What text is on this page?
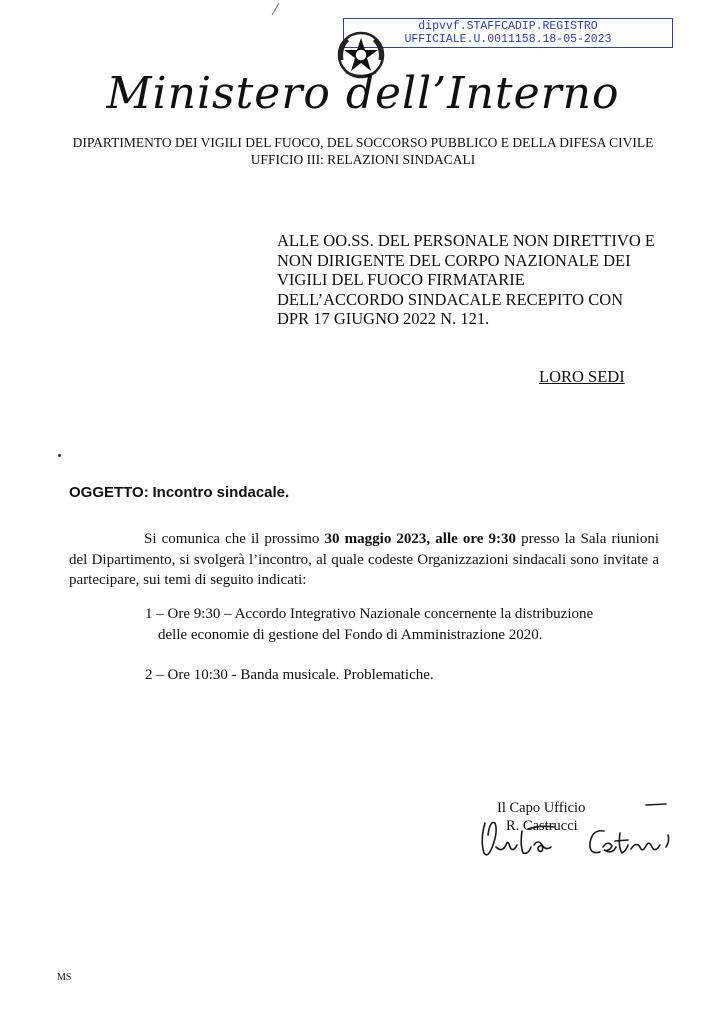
dipvvf.STAFFCADIP.REGISTRO
UFFICIALE.U.0011158.18-05-2023
Ministero dell’Interno
DIPARTIMENTO DEI VIGILI DEL FUOCO, DEL SOCCORSO PUBBLICO E DELLA DIFESA CIVILE
UFFICIO III: RELAZIONI SINDACALI
ALLE OO.SS. DEL PERSONALE NON DIRETTIVO E
NON DIRIGENTE DEL CORPO NAZIONALE DEI
VIGILI DEL FUOCO FIRMATARIE
DELL’ACCORDO SINDACALE RECEPITO CON
DPR 17 GIUGNO 2022 N. 121.
LORO SEDI
OGGETTO: Incontro sindacale.
Si comunica che il prossimo 30 maggio 2023, alle ore 9:30 presso la Sala riunioni del Dipartimento, si svolgerà l’incontro, al quale codeste Organizzazioni sindacali sono invitate a partecipare, sui temi di seguito indicati:
1 – Ore 9:30 – Accordo Integrativo Nazionale concernente la distribuzione
delle economie di gestione del Fondo di Amministrazione 2020.
2 – Ore 10:30 - Banda musicale. Problematiche.
Il Capo Ufficio
R. Castrucci
MS
